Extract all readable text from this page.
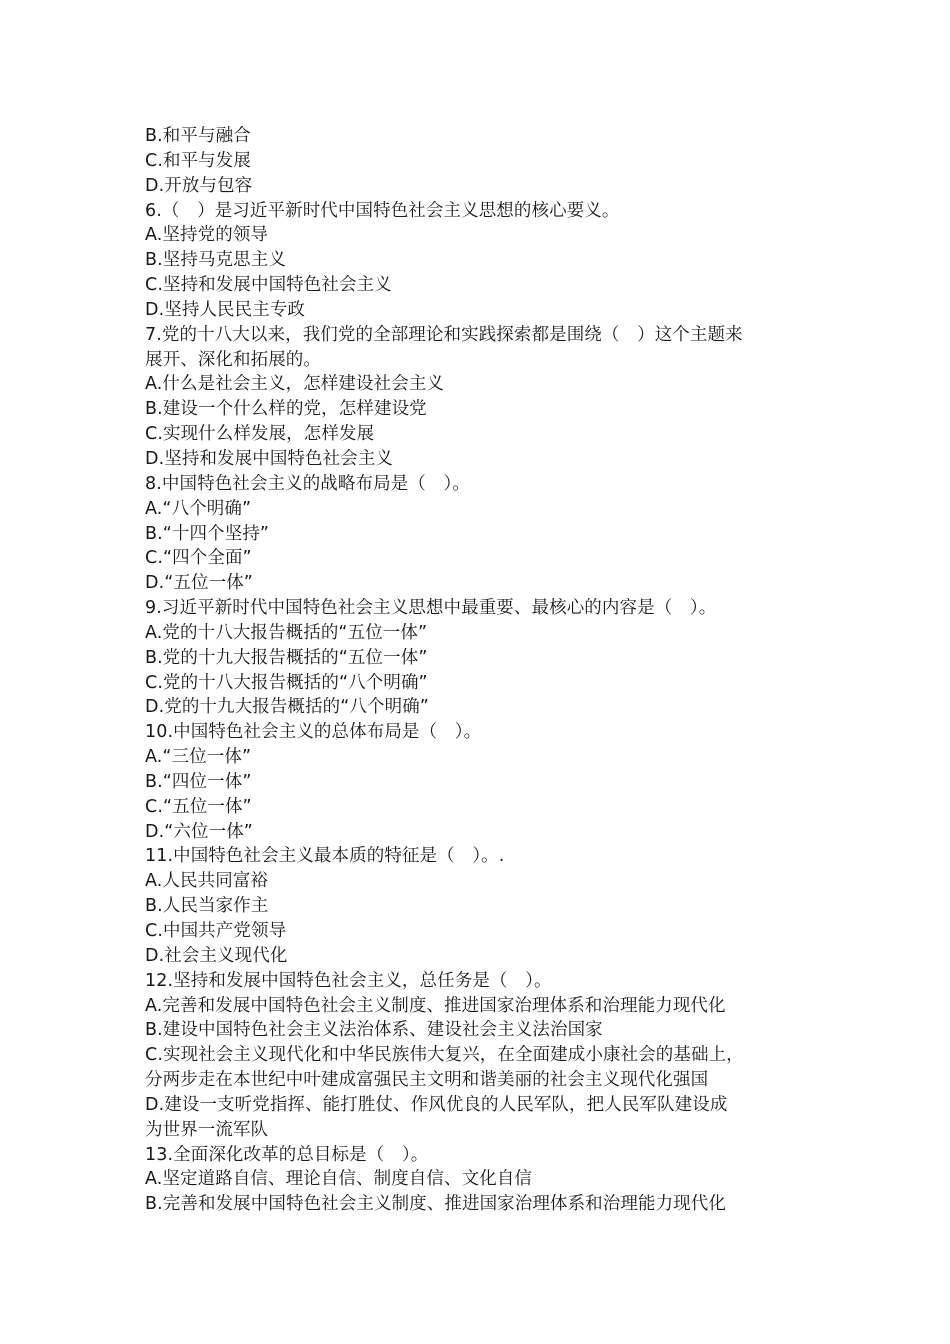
B.和平与融合
C.和平与发展
D.开放与包容
6.（　）是习近平新时代中国特色社会主义思想的核心要义。
A.坚持党的领导
B.坚持马克思主义
C.坚持和发展中国特色社会主义
D.坚持人民民主专政
7.党的十八大以来，我们党的全部理论和实践探索都是围绕（　）这个主题来
展开、深化和拓展的。
A.什么是社会主义，怎样建设社会主义
B.建设一个什么样的党，怎样建设党
C.实现什么样发展，怎样发展
D.坚持和发展中国特色社会主义
8.中国特色社会主义的战略布局是（　）。
A.“八个明确”
B.“十四个坚持”
C.“四个全面”
D.“五位一体”
9.习近平新时代中国特色社会主义思想中最重要、最核心的内容是（　）。
A.党的十八大报告概括的“五位一体”
B.党的十九大报告概括的“五位一体”
C.党的十八大报告概括的“八个明确”
D.党的十九大报告概括的“八个明确”
10.中国特色社会主义的总体布局是（　）。
A.“三位一体”
B.“四位一体”
C.“五位一体”
D.“六位一体”
11.中国特色社会主义最本质的特征是（　）。.
A.人民共同富裕
B.人民当家作主
C.中国共产党领导
D.社会主义现代化
12.坚持和发展中国特色社会主义，总任务是（　）。
A.完善和发展中国特色社会主义制度、推进国家治理体系和治理能力现代化
B.建设中国特色社会主义法治体系、建设社会主义法治国家
C.实现社会主义现代化和中华民族伟大复兴，在全面建成小康社会的基础上，
分两步走在本世纪中叶建成富强民主文明和谐美丽的社会主义现代化强国
D.建设一支听党指挥、能打胜仗、作风优良的人民军队，把人民军队建设成
为世界一流军队
13.全面深化改革的总目标是（　）。
A.坚定道路自信、理论自信、制度自信、文化自信
B.完善和发展中国特色社会主义制度、推进国家治理体系和治理能力现代化
